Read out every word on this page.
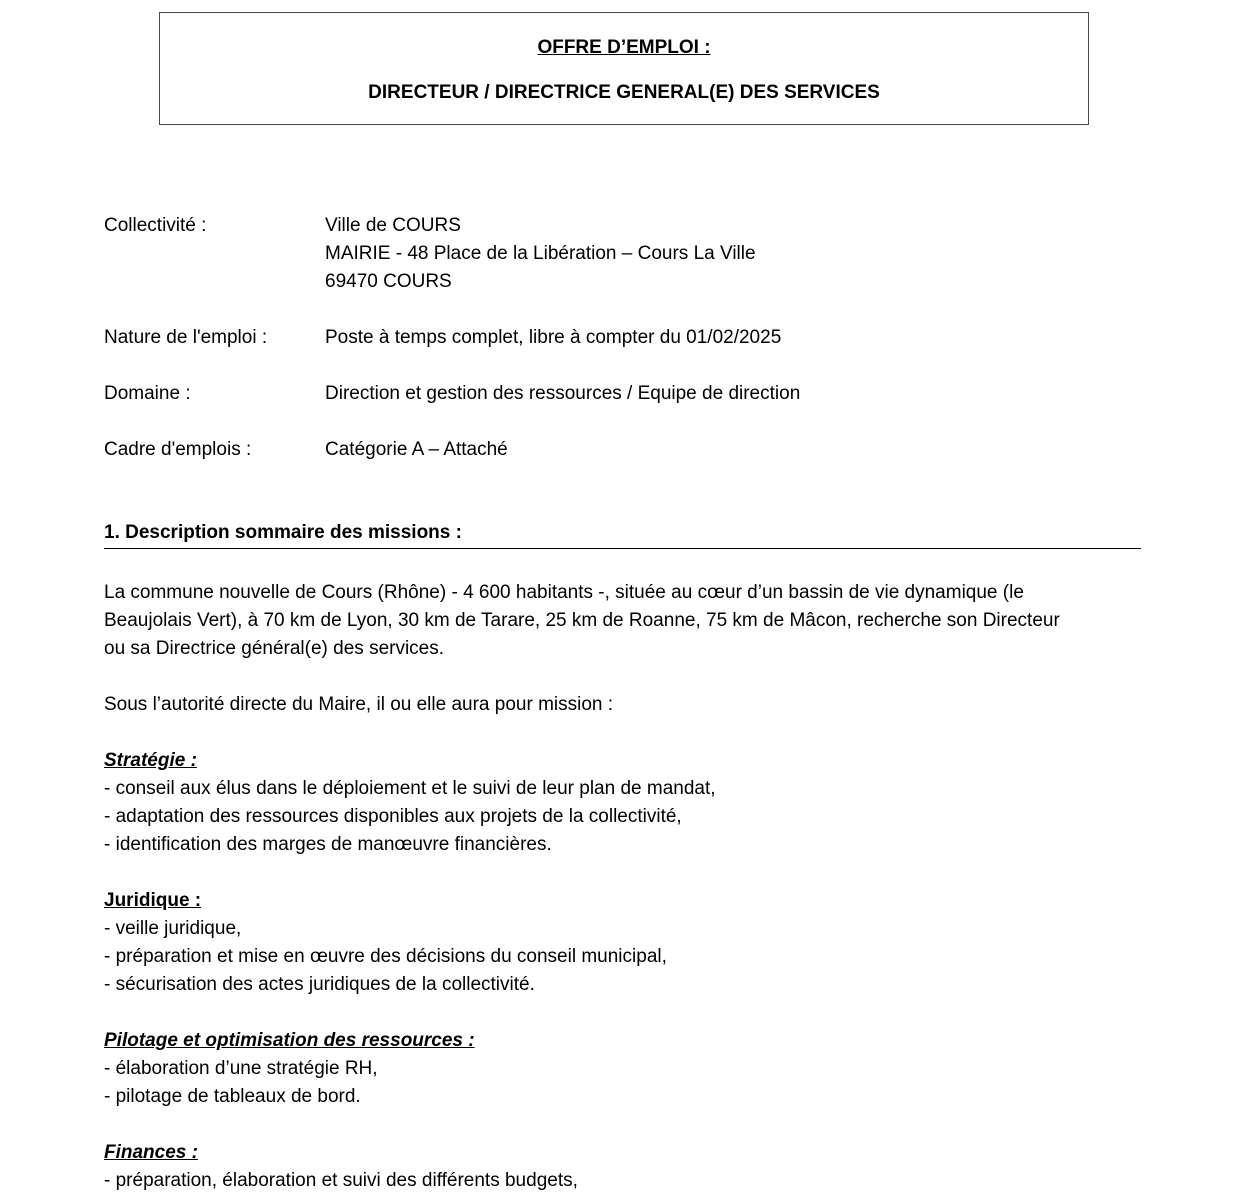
OFFRE D’EMPLOI :
DIRECTEUR / DIRECTRICE GENERAL(E) DES SERVICES
Collectivité :	Ville de COURS
MAIRIE - 48 Place de la Libération – Cours La Ville
69470 COURS
Nature de l'emploi :	Poste à temps complet, libre à compter du 01/02/2025
Domaine :	Direction et gestion des ressources / Equipe de direction
Cadre d'emplois :	Catégorie A – Attaché
1. Description sommaire des missions :
La commune nouvelle de Cours (Rhône) - 4 600 habitants -, située au cœur d’un bassin de vie dynamique (le
Beaujolais Vert), à 70 km de Lyon, 30 km de Tarare, 25 km de Roanne, 75 km de Mâcon, recherche son Directeur
ou sa Directrice général(e) des services.
Sous l’autorité directe du Maire, il ou elle aura pour mission :
Stratégie :
- conseil aux élus dans le déploiement et le suivi de leur plan de mandat,
- adaptation des ressources disponibles aux projets de la collectivité,
- identification des marges de manœuvre financières.
Juridique :
- veille juridique,
- préparation et mise en œuvre des décisions du conseil municipal,
- sécurisation des actes juridiques de la collectivité.
Pilotage et optimisation des ressources :
- élaboration d’une stratégie RH,
- pilotage de tableaux de bord.
Finances :
- préparation, élaboration et suivi des différents budgets,
